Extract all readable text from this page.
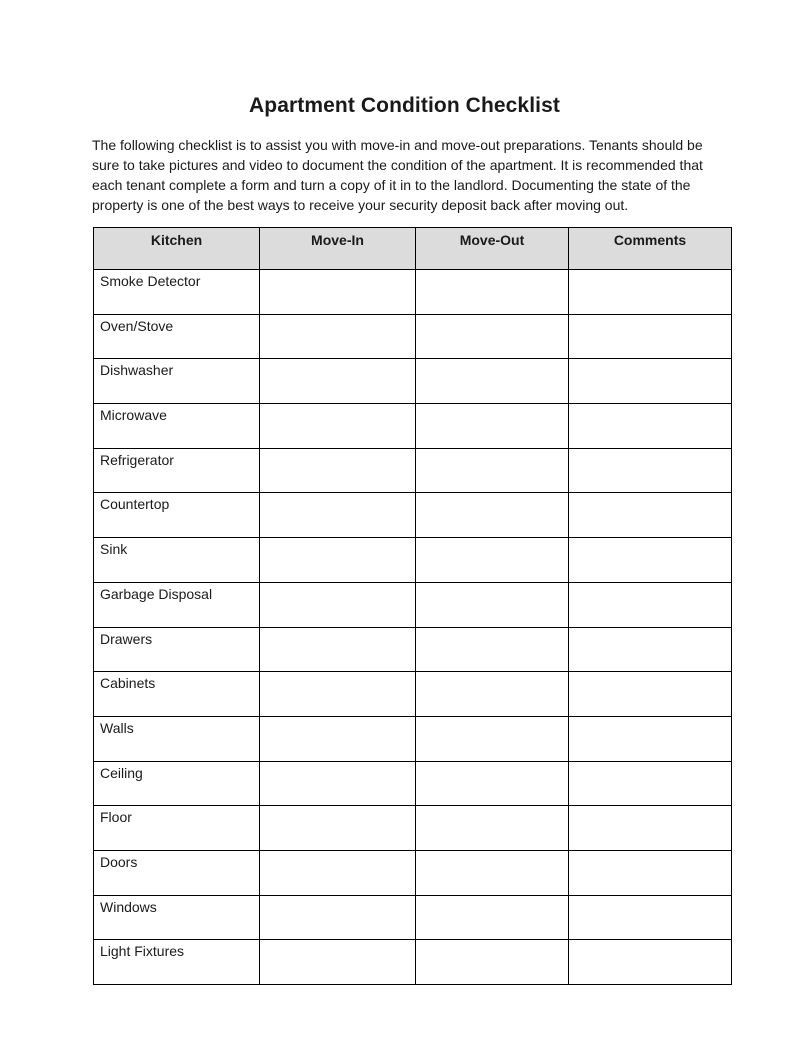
Apartment Condition Checklist
The following checklist is to assist you with move-in and move-out preparations. Tenants should be sure to take pictures and video to document the condition of the apartment. It is recommended that each tenant complete a form and turn a copy of it in to the landlord. Documenting the state of the property is one of the best ways to receive your security deposit back after moving out.
Kitchen	Move-In	Move-Out	Comments
Smoke Detector			
Oven/Stove			
Dishwasher			
Microwave			
Refrigerator			
Countertop			
Sink			
Garbage Disposal			
Drawers			
Cabinets			
Walls			
Ceiling			
Floor			
Doors			
Windows			
Light Fixtures			
